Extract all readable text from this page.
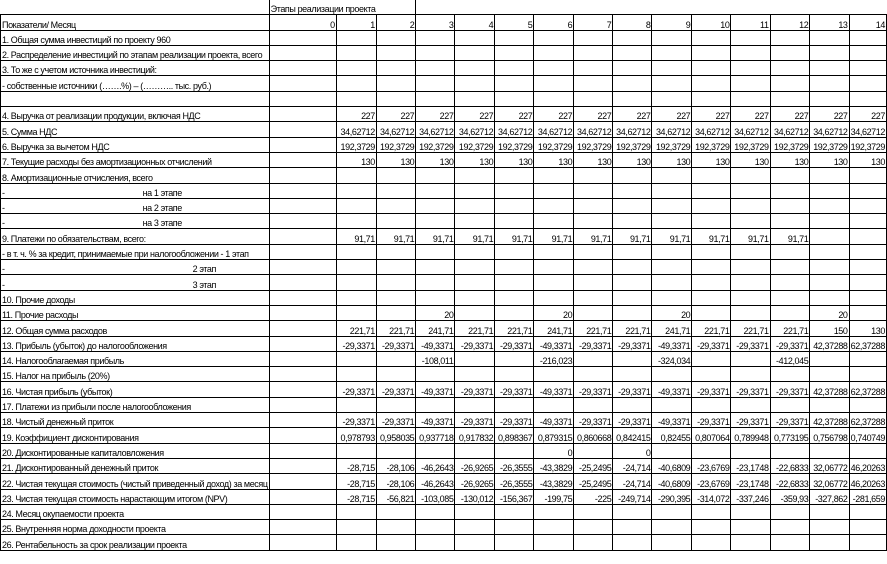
	Этапы реализации проекта														
Показатели/ Месяц	0	1	2	3	4	5	6	7	8	9	10	11	12	13	14
1. Общая сумма инвестиций по проекту 960															
2. Распределение инвестиций по этапам реализации проекта, всего															
3. То же с учетом источника инвестиций:															
- собственные источники (…….%) – (……….. тыс. руб.)															

4. Выручка от реализации продукции, включая НДС		227	227	227	227	227	227	227	227	227	227	227	227	227	227
5. Сумма НДС		34,62712	34,62712	34,62712	34,62712	34,62712	34,62712	34,62712	34,62712	34,62712	34,62712	34,62712	34,62712	34,62712	34,62712
6. Выручка за вычетом НДС		192,3729	192,3729	192,3729	192,3729	192,3729	192,3729	192,3729	192,3729	192,3729	192,3729	192,3729	192,3729	192,3729	192,3729
7. Текущие расходы без амортизационных отчислений		130	130	130	130	130	130	130	130	130	130	130	130	130	130
8. Амортизационные отчисления, всего															
- на 1 этапе															
- на 2 этапе															
- на 3 этапе															
9. Платежи по обязательствам, всего:		91,71	91,71	91,71	91,71	91,71	91,71	91,71	91,71	91,71	91,71	91,71	91,71		
- в т. ч. % за кредит, принимаемые при налогообложении - 1 этап															
- 2 этап															
- 3 этап															
10. Прочие доходы															
11. Прочие расходы				20			20			20				20	
12. Общая сумма расходов		221,71	221,71	241,71	221,71	221,71	241,71	221,71	221,71	241,71	221,71	221,71	221,71	150	130
13. Прибыль (убыток) до налогообложения		-29,3371	-29,3371	-49,3371	-29,3371	-29,3371	-49,3371	-29,3371	-29,3371	-49,3371	-29,3371	-29,3371	-29,3371	42,37288	62,37288
14. Налогооблагаемая прибыль				-108,011			-216,023			-324,034			-412,045		
15. Налог на прибыль (20%)															
16. Чистая прибыль (убыток)		-29,3371	-29,3371	-49,3371	-29,3371	-29,3371	-49,3371	-29,3371	-29,3371	-49,3371	-29,3371	-29,3371	-29,3371	42,37288	62,37288
17. Платежи из прибыли после налогообложения															
18. Чистый денежный приток		-29,3371	-29,3371	-49,3371	-29,3371	-29,3371	-49,3371	-29,3371	-29,3371	-49,3371	-29,3371	-29,3371	-29,3371	42,37288	62,37288
19. Коэффициент дисконтирования		0,978793	0,958035	0,937718	0,917832	0,898367	0,879315	0,860668	0,842415	0,82455	0,807064	0,789948	0,773195	0,756798	0,740749
20. Дисконтированные капиталовложения							0		0						
21. Дисконтированный денежный приток		-28,715	-28,106	-46,2643	-26,9265	-26,3555	-43,3829	-25,2495	-24,714	-40,6809	-23,6769	-23,1748	-22,6833	32,06772	46,20263
22. Чистая текущая стоимость (чистый приведенный доход) за месяц		-28,715	-28,106	-46,2643	-26,9265	-26,3555	-43,3829	-25,2495	-24,714	-40,6809	-23,6769	-23,1748	-22,6833	32,06772	46,20263
23. Чистая текущая стоимость нарастающим итогом (NPV)		-28,715	-56,821	-103,085	-130,012	-156,367	-199,75	-225	-249,714	-290,395	-314,072	-337,246	-359,93	-327,862	-281,659
24. Месяц окупаемости проекта															
25. Внутренняя норма доходности проекта															
26. Рентабельность за срок реализации проекта															
